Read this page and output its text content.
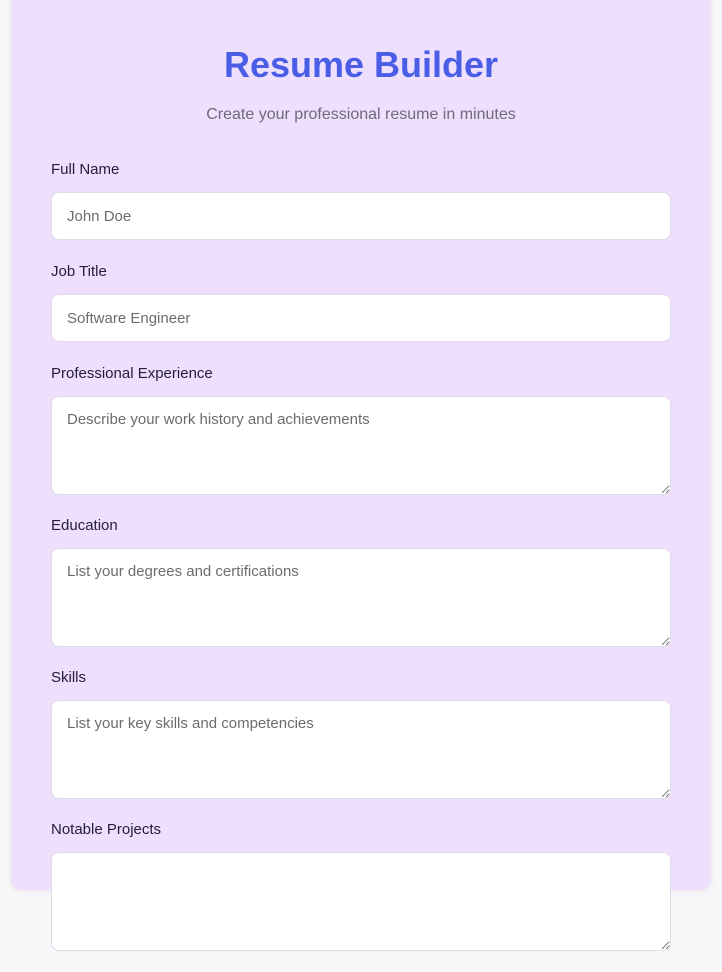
Resume Builder

Create your professional resume in minutes

Full Name
John Doe
Job Title
Software Engineer
Professional Experience
Describe your work history and achievements
Education
List your degrees and certifications
Skills
List your key skills and competencies
Notable Projects
